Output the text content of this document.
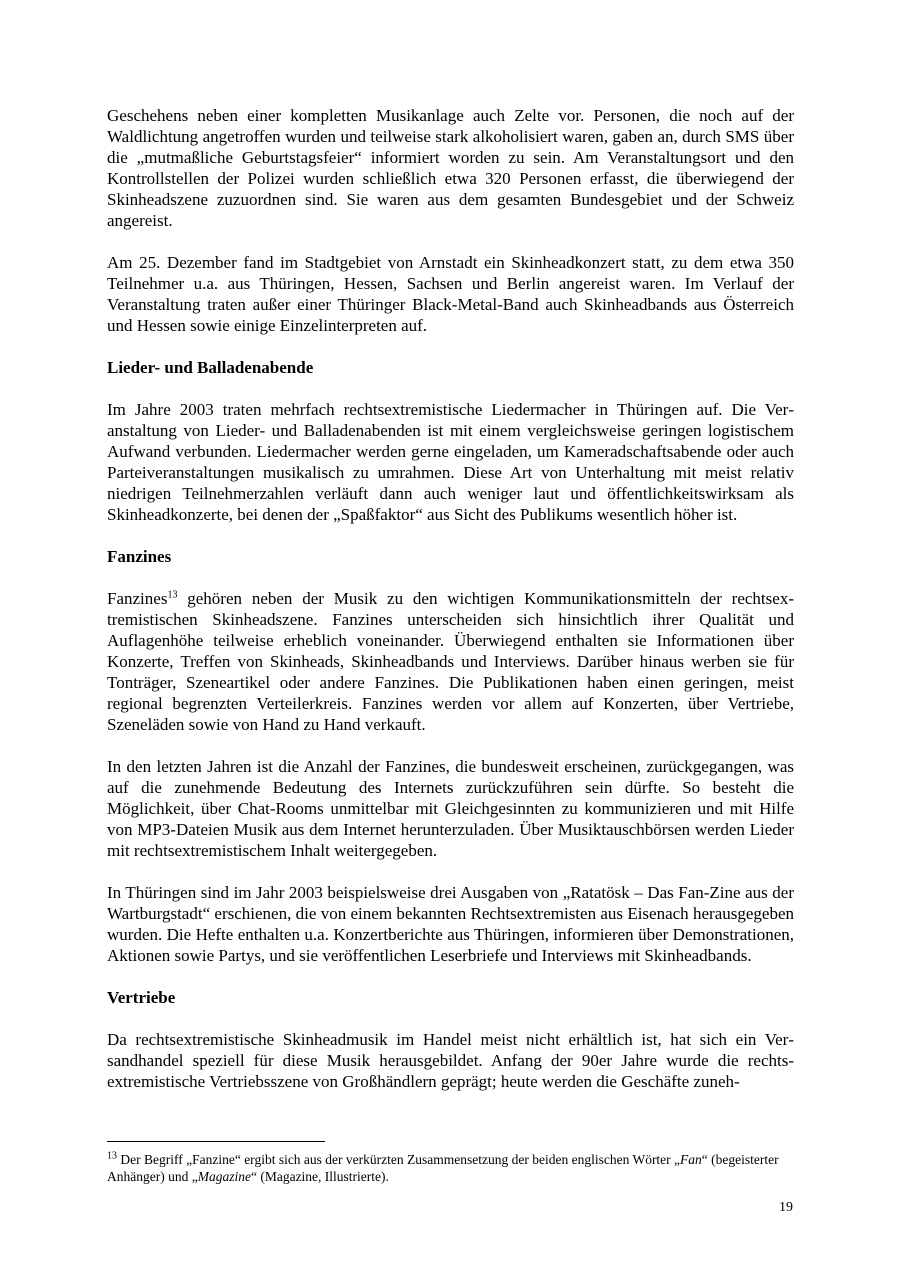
Geschehens neben einer kompletten Musikanlage auch Zelte vor. Personen, die noch auf der Waldlichtung angetroffen wurden und teilweise stark alkoholisiert waren, gaben an, durch SMS über die „mutmaßliche Geburtstagsfeier“ informiert worden zu sein. Am Veranstaltungsort und den Kontrollstellen der Polizei wurden schließlich etwa 320 Personen erfasst, die überwiegend der Skinheadszene zuzuordnen sind. Sie waren aus dem gesamten Bundesgebiet und der Schweiz angereist.

Am 25. Dezember fand im Stadtgebiet von Arnstadt ein Skinheadkonzert statt, zu dem etwa 350 Teilnehmer u.a. aus Thüringen, Hessen, Sachsen und Berlin angereist waren. Im Verlauf der Veranstaltung traten außer einer Thüringer Black-Metal-Band auch Skinheadbands aus Österreich und Hessen sowie einige Einzelinterpreten auf.

Lieder- und Balladenabende

Im Jahre 2003 traten mehrfach rechtsextremistische Liedermacher in Thüringen auf. Die Veranstaltung von Lieder- und Balladenabenden ist mit einem vergleichsweise geringen logistischem Aufwand verbunden. Liedermacher werden gerne eingeladen, um Kameradschaftsabende oder auch Parteiveranstaltungen musikalisch zu umrahmen. Diese Art von Unterhaltung mit meist relativ niedrigen Teilnehmerzahlen verläuft dann auch weniger laut und öffentlichkeitswirksam als Skinheadkonzerte, bei denen der „Spaßfaktor“ aus Sicht des Publikums wesentlich höher ist.

Fanzines

Fanzines$^{13}$ gehören neben der Musik zu den wichtigen Kommunikationsmitteln der rechtsextremistischen Skinheadszene. Fanzines unterscheiden sich hinsichtlich ihrer Qualität und Auflagenhöhe teilweise erheblich voneinander. Überwiegend enthalten sie Informationen über Konzerte, Treffen von Skinheads, Skinheadbands und Interviews. Darüber hinaus werben sie für Tonträger, Szeneartikel oder andere Fanzines. Die Publikationen haben einen geringen, meist regional begrenzten Verteilerkreis. Fanzines werden vor allem auf Konzerten, über Vertriebe, Szeneläden sowie von Hand zu Hand verkauft.

In den letzten Jahren ist die Anzahl der Fanzines, die bundesweit erscheinen, zurückgegangen, was auf die zunehmende Bedeutung des Internets zurückzuführen sein dürfte. So besteht die Möglichkeit, über Chat-Rooms unmittelbar mit Gleichgesinnten zu kommunizieren und mit Hilfe von MP3-Dateien Musik aus dem Internet herunterzuladen. Über Musiktauschbörsen werden Lieder mit rechtsextremistischem Inhalt weitergegeben.

In Thüringen sind im Jahr 2003 beispielsweise drei Ausgaben von „Ratatösk – Das Fan-Zine aus der Wartburgstadt“ erschienen, die von einem bekannten Rechtsextremisten aus Eisenach herausgegeben wurden. Die Hefte enthalten u.a. Konzertberichte aus Thüringen, informieren über Demonstrationen, Aktionen sowie Partys, und sie veröffentlichen Leserbriefe und Interviews mit Skinheadbands.

Vertriebe

Da rechtsextremistische Skinheadmusik im Handel meist nicht erhältlich ist, hat sich ein Versandhandel speziell für diese Musik herausgebildet. Anfang der 90er Jahre wurde die rechtsextremistische Vertriebsszene von Großhändlern geprägt; heute werden die Geschäfte zuneh-

$^{13}$ Der Begriff „Fanzine“ ergibt sich aus der verkürzten Zusammensetzung der beiden englischen Wörter „Fan“ (begeisterter Anhänger) und „Magazine“ (Magazine, Illustrierte).
19
